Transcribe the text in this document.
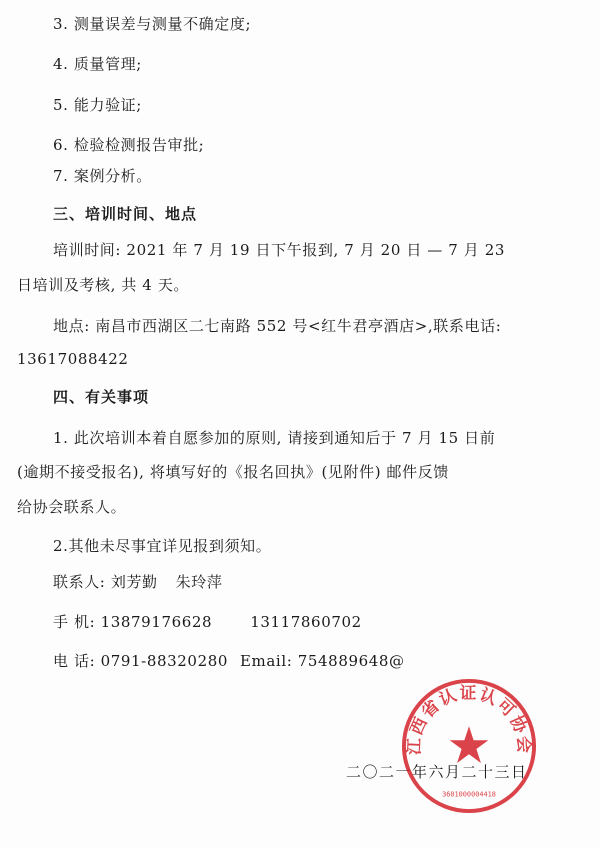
3. 测量误差与测量不确定度;
4. 质量管理;
5. 能力验证;
6. 检验检测报告审批;
7. 案例分析。
三、培训时间、地点
培训时间: 2021 年 7 月 19 日下午报到, 7 月 20 日 — 7 月 23
日培训及考核, 共 4 天。
地点: 南昌市西湖区二七南路 552 号<红牛君亭酒店>,联系电话:
13617088422
四、有关事项
1. 此次培训本着自愿参加的原则, 请接到通知后于 7 月 15 日前
(逾期不接受报名), 将填写好的《报名回执》(见附件) 邮件反馈
给协会联系人。
2.其他未尽事宜详见报到须知。
联系人: 刘芳勤 朱玲萍
手 机: 13879176628	13117860702
电 话: 0791-88320280 Email: 754889648@
二〇二一年六月二十三日
江西省认证认可协会
3601000004418
